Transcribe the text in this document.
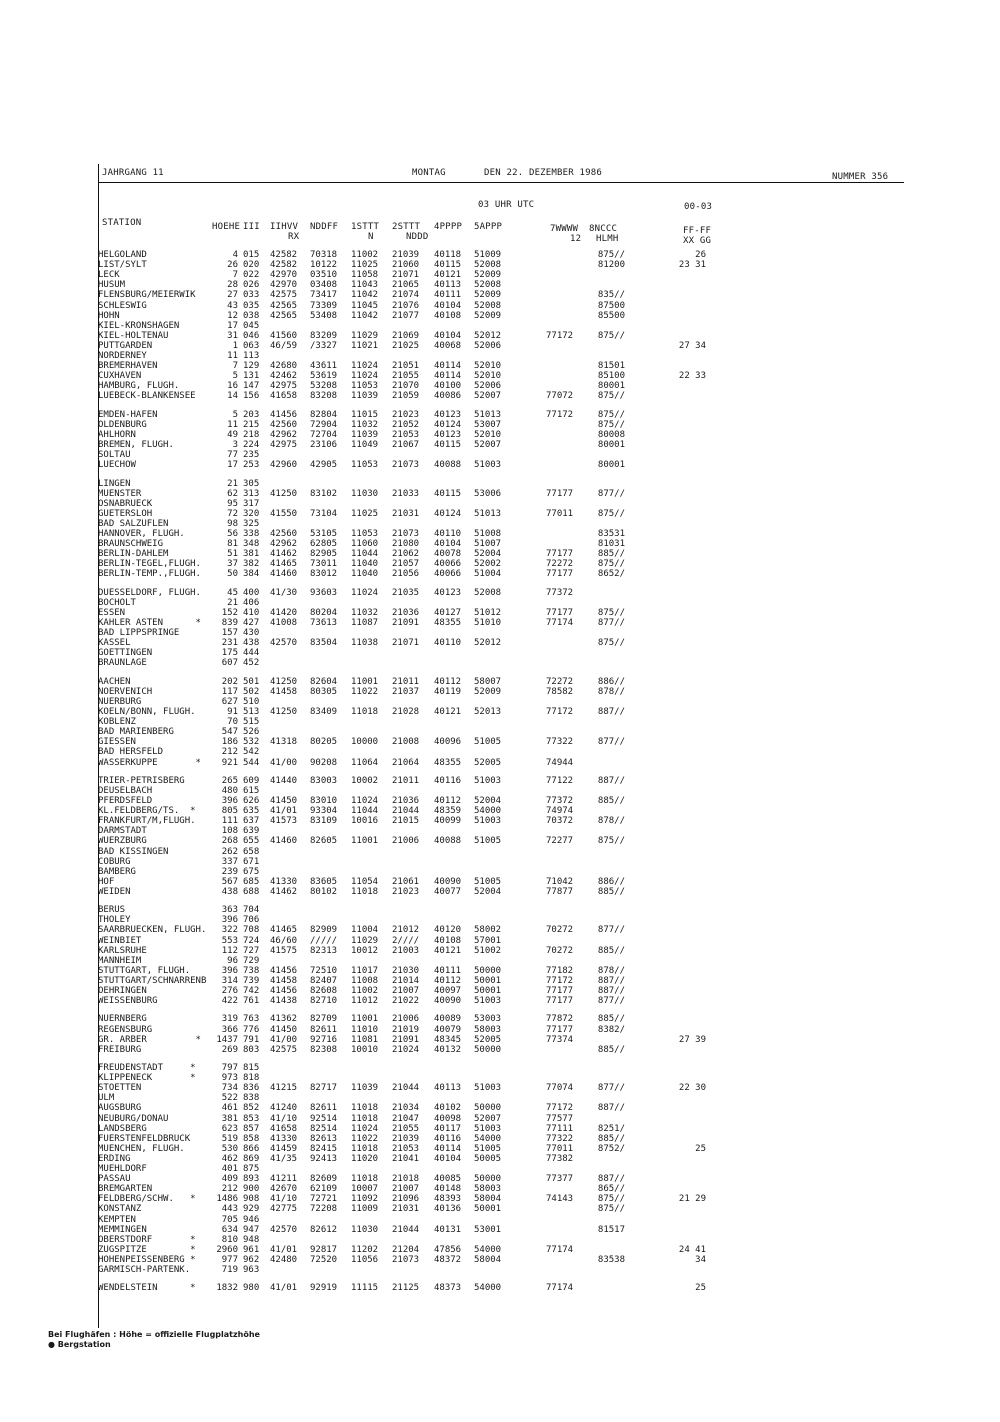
JAHRGANG 11	MONTAG	DEN 22. DEZEMBER 1986	NUMMER 356
03 UHR UTC	00-03
STATION	HOEHE III IIHVV
RX
NDDFF 1STTT
N
2STTT
NDDD
4PPPP 5APPP	7WWWW 8NCCC
12 HLMH
FF-FF
XX GG
HELGOLAND	4 015 42582 70318 11002 21039 40118 51009	875//	26
LIST/SYLT	26 020 42582 10122 11025 21060 40115 52008	81200	23 31
LECK	7 022 42970 03510 11058 21071 40121 52009
HUSUM	28 026 42970 03408 11043 21065 40113 52008
FLENSBURG/MEIERWIK	27 033 42575 73417 11042 21074 40111 52009	835//
SCHLESWIG	43 035 42565 73309 11045 21076 40104 52008	87500
HOHN	12 038 42565 53408 11042 21077 40108 52009	85500
KIEL-KRONSHAGEN	17 045
KIEL-HOLTENAU	31 046 41560 83209 11029 21069 40104 52012	77172	875//
PUTTGARDEN	1 063 46/59 /3327 11021 21025 40068 52006	27 34
NORDERNEY	11 113
BREMERHAVEN	7 129 42680 43611 11024 21051 40114 52010	81501
CUXHAVEN	5 131 42462 53619 11024 21055 40114 52010	85100	22 33
HAMBURG, FLUGH.	16 147 42975 53208 11053 21070 40100 52006	80001
LUEBECK-BLANKENSEE	14 156 41658 83208 11039 21059 40086 52007	77072	875//
EMDEN-HAFEN	5 203 41456 82804 11015 21023 40123 51013	77172	875//
OLDENBURG	11 215 42560 72904 11032 21052 40124 53007	875//
AHLHORN	49 218 42962 72704 11039 21053 40123 52010	80008
BREMEN, FLUGH.	3 224 42975 23106 11049 21067 40115 52007	80001
SOLTAU	77 235
LUECHOW	17 253 42960 42905 11053 21073 40088 51003	80001
LINGEN	21 305
MUENSTER	62 313 41250 83102 11030 21033 40115 53006	77177	877//
OSNABRUECK	95 317
GUETERSLOH	72 320 41550 73104 11025 21031 40124 51013	77011	875//
BAD SALZUFLEN	98 325
HANNOVER, FLUGH.	56 338 42560 53105 11053 21073 40110 51008	83531
BRAUNSCHWEIG	81 348 42962 62805 11060 21080 40104 51007	81031
BERLIN-DAHLEM	51 381 41462 82905 11044 21062 40078 52004	77177	885//
BERLIN-TEGEL,FLUGH.	37 382 41465 73011 11040 21057 40066 52002	72272	875//
BERLIN-TEMP.,FLUGH.	50 384 41460 83012 11040 21056 40066 51004	77177	8652/
DUESSELDORF, FLUGH.	45 400 41/30 93603 11024 21035 40123 52008	77372
BOCHOLT	21 406
ESSEN	152 410 41420 80204 11032 21036 40127 51012	77177	875//
KAHLER ASTEN      *	839 427 41008 73613 11087 21091 48355 51010	77174	877//
BAD LIPPSPRINGE	157 430
KASSEL	231 438 42570 83504 11038 21071 40110 52012	875//
GOETTINGEN	175 444
BRAUNLAGE	607 452
AACHEN	202 501 41250 82604 11001 21011 40112 58007	72272	886//
NOERVENICH	117 502 41458 80305 11022 21037 40119 52009	78582	878//
NUERBURG	627 510
KOELN/BONN, FLUGH.	91 513 41250 83409 11018 21028 40121 52013	77172	887//
KOBLENZ	70 515
BAD MARIENBERG	547 526
GIESSEN	186 532 41318 80205 10000 21008 40096 51005	77322	877//
BAD HERSFELD	212 542
WASSERKUPPE       *	921 544 41/00 90208 11064 21064 48355 52005	74944
TRIER-PETRISBERG	265 609 41440 83003 10002 21011 40116 51003	77122	887//
DEUSELBACH	480 615
PFERDSFELD	396 626 41450 83010 11024 21036 40112 52004	77372	885//
KL.FELDBERG/TS.  *	805 635 41/01 93304 11044 21044 48359 54000	74974
FRANKFURT/M,FLUGH.	111 637 41573 83109 10016 21015 40099 51003	70372	878//
DARMSTADT	108 639
WUERZBURG	268 655 41460 82605 11001 21006 40088 51005	72277	875//
BAD KISSINGEN	262 658
COBURG	337 671
BAMBERG	239 675
HOF	567 685 41330 83605 11054 21061 40090 51005	71042	886//
WEIDEN	438 688 41462 80102 11018 21023 40077 52004	77877	885//
BERUS	363 704
THOLEY	396 706
SAARBRUECKEN, FLUGH.	322 708 41465 82909 11004 21012 40120 58002	70272	877//
WEINBIET	553 724 46/60 ///// 11029 2//// 40108 57001
KARLSRUHE	112 727 41575 82313 10012 21003 40121 51002	70272	885//
MANNHEIM	96 729
STUTTGART, FLUGH.	396 738 41456 72510 11017 21030 40111 50000	77182	878//
STUTTGART/SCHNARRENB	314 739 41458 82407 11008 21014 40112 50001	77172	887//
OEHRINGEN	276 742 41456 82608 11002 21007 40097 50001	77177	887//
WEISSENBURG	422 761 41438 82710 11012 21022 40090 51003	77177	877//
NUERNBERG	319 763 41362 82709 11001 21006 40089 53003	77872	885//
REGENSBURG	366 776 41450 82611 11010 21019 40079 58003	77177	8382/
GR. ARBER         *	1437 791 41/00 92716 11081 21091 48345 52005	77374	27 39
FREIBURG	269 803 42575 82308 10010 21024 40132 50000	885//
FREUDENSTADT     *	797 815
KLIPPENECK       *	973 818
STOETTEN	734 836 41215 82717 11039 21044 40113 51003	77074	877//	22 30
ULM	522 838
AUGSBURG	461 852 41240 82611 11018 21034 40102 50000	77172	887//
NEUBURG/DONAU	381 853 41/10 92514 11018 21047 40098 52007	77577
LANDSBERG	623 857 41658 82514 11024 21055 40117 51003	77111	8251/
FUERSTENFELDBRUCK	519 858 41330 82613 11022 21039 40116 54000	77322	885//
MUENCHEN, FLUGH.	530 866 41459 82415 11018 21053 40114 51005	77011	8752/	25
ERDING	462 869 41/35 92413 11020 21041 40104 50005	77382
MUEHLDORF	401 875
PASSAU	409 893 41211 82609 11018 21018 40085 50000	77377	887//
BREMGARTEN	212 900 42670 62109 10007 21007 40148 58003	865//
FELDBERG/SCHW.   *	1486 908 41/10 72721 11092 21096 48393 58004	74143	875//	21 29
KONSTANZ	443 929 42775 72208 11009 21031 40136 50001	875//
KEMPTEN	705 946
MEMMINGEN	634 947 42570 82612 11030 21044 40131 53001	81517
OBERSTDORF       *	810 948
ZUGSPITZE        *	2960 961 41/01 92817 11202 21204 47856 54000	77174	24 41
HOHENPEISSENBERG *	977 962 42480 72520 11056 21073 48372 58004	83538	34
GARMISCH-PARTENK.	719 963
WENDELSTEIN      *	1832 980 41/01 92919 11115 21125 48373 54000	77174	25
Bei Flughäfen : Höhe = offizielle Flugplatzhöhe
● Bergstation
